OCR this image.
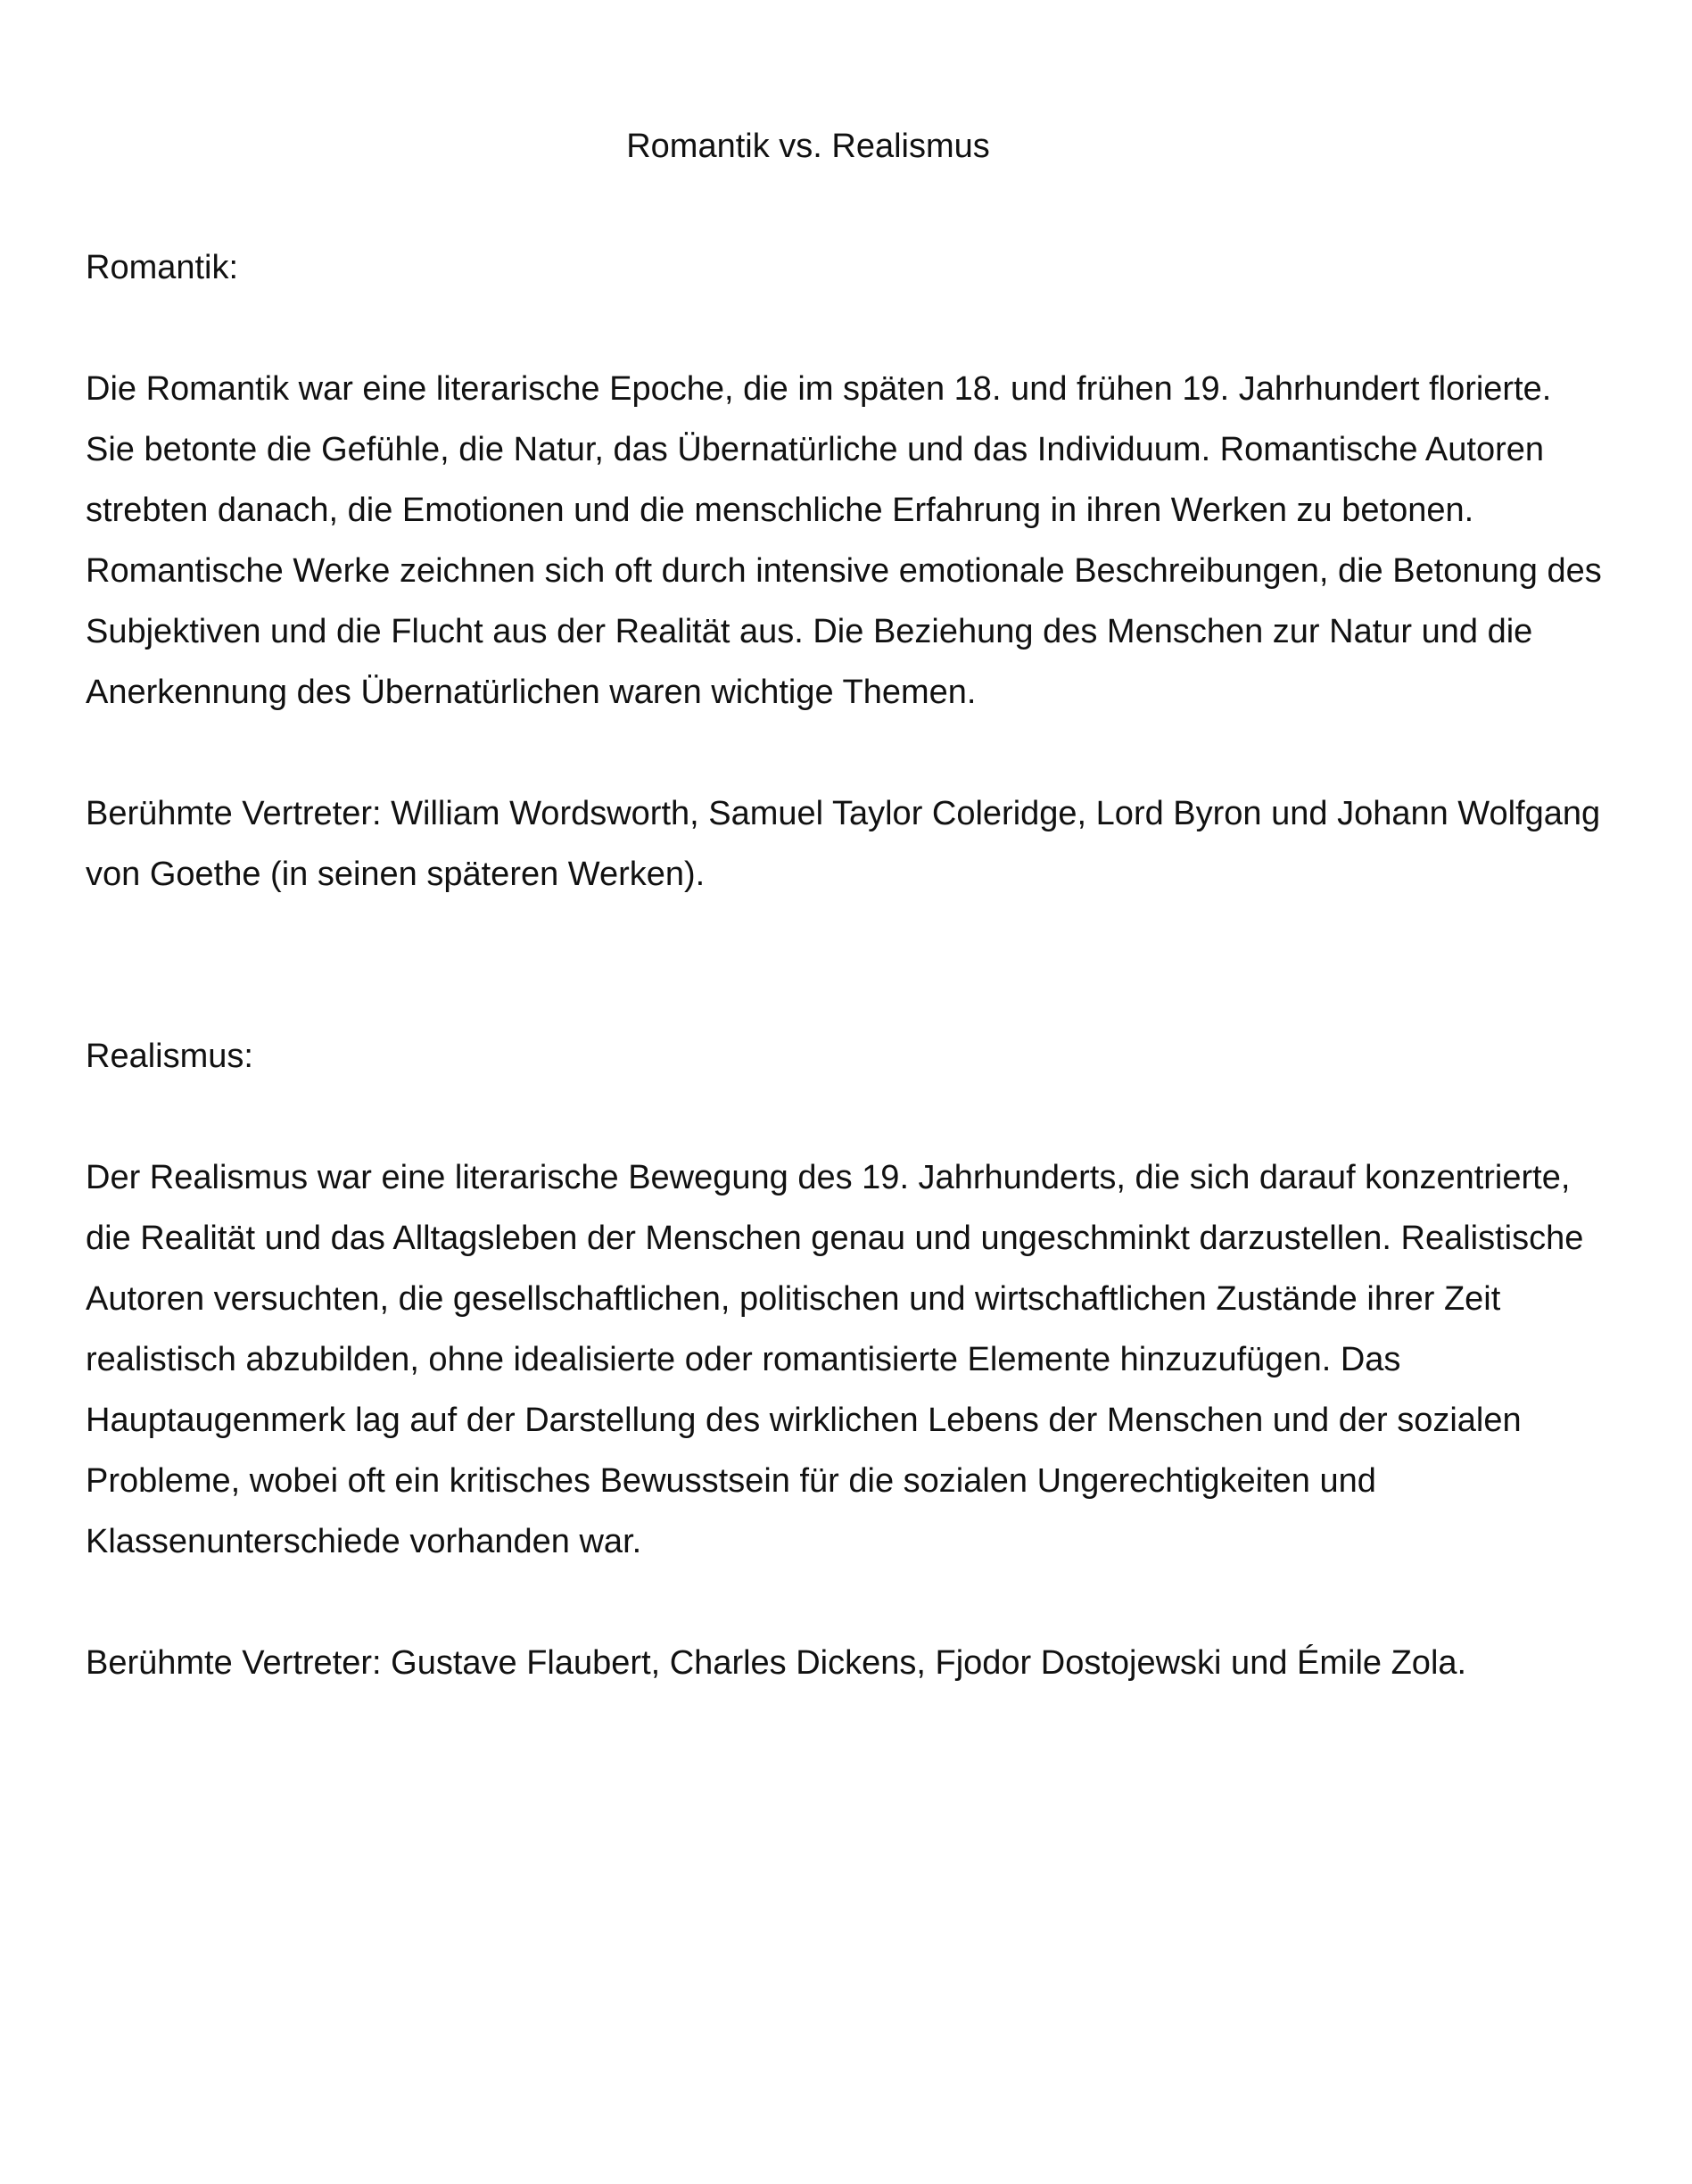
Romantik vs. Realismus
Romantik:

Die Romantik war eine literarische Epoche, die im späten 18. und frühen 19. Jahrhundert florierte. Sie betonte die Gefühle, die Natur, das Übernatürliche und das Individuum. Romantische Autoren strebten danach, die Emotionen und die menschliche Erfahrung in ihren Werken zu betonen. Romantische Werke zeichnen sich oft durch intensive emotionale Beschreibungen, die Betonung des Subjektiven und die Flucht aus der Realität aus. Die Beziehung des Menschen zur Natur und die Anerkennung des Übernatürlichen waren wichtige Themen.

Berühmte Vertreter: William Wordsworth, Samuel Taylor Coleridge, Lord Byron und Johann Wolfgang von Goethe (in seinen späteren Werken).

Realismus:

Der Realismus war eine literarische Bewegung des 19. Jahrhunderts, die sich darauf konzentrierte, die Realität und das Alltagsleben der Menschen genau und ungeschminkt darzustellen. Realistische Autoren versuchten, die gesellschaftlichen, politischen und wirtschaftlichen Zustände ihrer Zeit realistisch abzubilden, ohne idealisierte oder romantisierte Elemente hinzuzufügen. Das Hauptaugenmerk lag auf der Darstellung des wirklichen Lebens der Menschen und der sozialen Probleme, wobei oft ein kritisches Bewusstsein für die sozialen Ungerechtigkeiten und Klassenunterschiede vorhanden war.

Berühmte Vertreter: Gustave Flaubert, Charles Dickens, Fjodor Dostojewski und Émile Zola.
